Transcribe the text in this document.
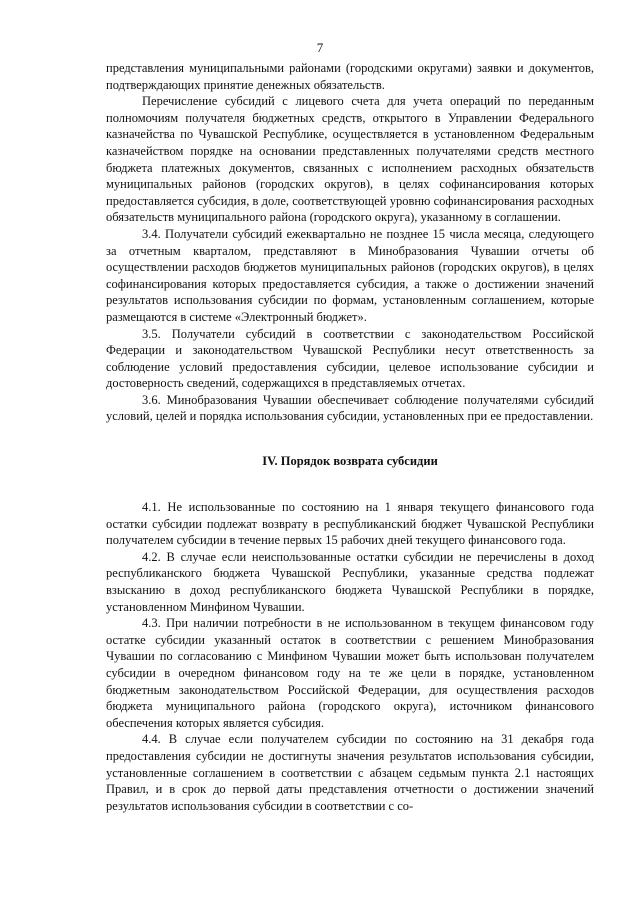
7

представления муниципальными районами (городскими округами) заявки и документов, подтверждающих принятие денежных обязательств.

Перечисление субсидий с лицевого счета для учета операций по переданным полномочиям получателя бюджетных средств, открытого в Управлении Федерального казначейства по Чувашской Республике, осуществляется в установленном Федеральным казначейством порядке на основании представленных получателями средств местного бюджета платежных документов, связанных с исполнением расходных обязательств муниципальных районов (городских округов), в целях софинансирования которых предоставляется субсидия, в доле, соответствующей уровню софинансирования расходных обязательств муниципального района (городского округа), указанному в соглашении.

3.4. Получатели субсидий ежеквартально не позднее 15 числа месяца, следующего за отчетным кварталом, представляют в Минобразования Чувашии отчеты об осуществлении расходов бюджетов муниципальных районов (городских округов), в целях софинансирования которых предоставляется субсидия, а также о достижении значений результатов использования субсидии по формам, установленным соглашением, которые размещаются в системе «Электронный бюджет».

3.5. Получатели субсидий в соответствии с законодательством Российской Федерации и законодательством Чувашской Республики несут ответственность за соблюдение условий предоставления субсидии, целевое использование субсидии и достоверность сведений, содержащихся в представляемых отчетах.

3.6. Минобразования Чувашии обеспечивает соблюдение получателями субсидий условий, целей и порядка использования субсидии, установленных при ее предоставлении.

IV. Порядок возврата субсидии

4.1. Не использованные по состоянию на 1 января текущего финансового года остатки субсидии подлежат возврату в республиканский бюджет Чувашской Республики получателем субсидии в течение первых 15 рабочих дней текущего финансового года.

4.2. В случае если неиспользованные остатки субсидии не перечислены в доход республиканского бюджета Чувашской Республики, указанные средства подлежат взысканию в доход республиканского бюджета Чувашской Республики в порядке, установленном Минфином Чувашии.

4.3. При наличии потребности в не использованном в текущем финансовом году остатке субсидии указанный остаток в соответствии с решением Минобразования Чувашии по согласованию с Минфином Чувашии может быть использован получателем субсидии в очередном финансовом году на те же цели в порядке, установленном бюджетным законодательством Российской Федерации, для осуществления расходов бюджета муниципального района (городского округа), источником финансового обеспечения которых является субсидия.

4.4. В случае если получателем субсидии по состоянию на 31 декабря года предоставления субсидии не достигнуты значения результатов использования субсидии, установленные соглашением в соответствии с абзацем седьмым пункта 2.1 настоящих Правил, и в срок до первой даты представления отчетности о достижении значений результатов использования субсидии в соответствии с со-
